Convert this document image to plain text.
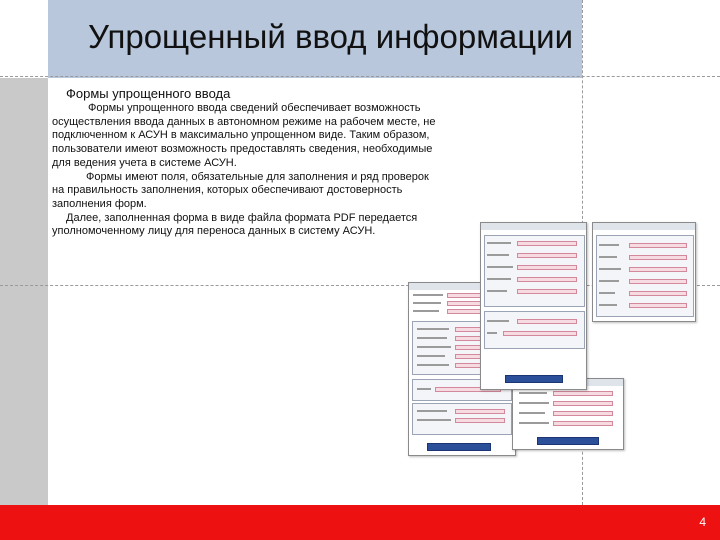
Упрощенный ввод информации
Формы упрощенного ввода

Формы упрощенного ввода сведений обеспечивает возможность осуществления ввода данных в автономном режиме на рабочем месте, не подключенном к АСУН в максимально упрощенном виде. Таким образом, пользователи имеют возможность предоставлять сведения, необходимые для ведения учета в системе АСУН.

Формы имеют поля, обязательные для заполнения и ряд проверок на правильность заполнения, которых обеспечивают достоверность заполнения форм.

Далее, заполненная форма в виде файла формата PDF передается уполномоченному лицу для переноса данных в систему АСУН.

4
